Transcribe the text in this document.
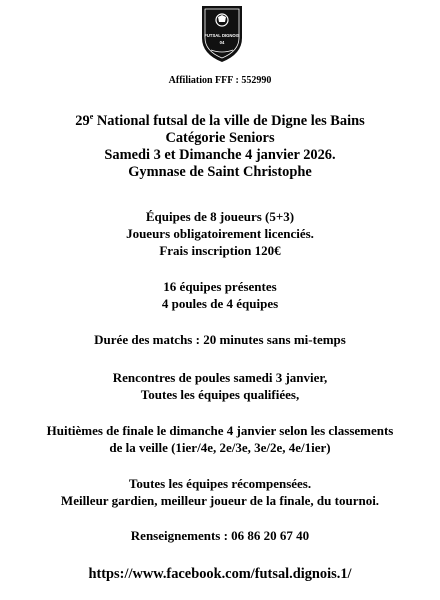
FUTSAL DIGNOIS
04
Affiliation FFF : 552990
29e National futsal de la ville de Digne les Bains
Catégorie Seniors
Samedi 3 et Dimanche 4 janvier 2026.
Gymnase de Saint Christophe
Équipes de 8 joueurs (5+3)
Joueurs obligatoirement licenciés.
Frais inscription 120€
16 équipes présentes
4 poules de 4 équipes
Durée des matchs : 20 minutes sans mi-temps
Rencontres de poules samedi 3 janvier,
Toutes les équipes qualifiées,
Huitièmes de finale le dimanche 4 janvier selon les classements
de la veille (1ier/4e, 2e/3e, 3e/2e, 4e/1ier)
Toutes les équipes récompensées.
Meilleur gardien, meilleur joueur de la finale, du tournoi.
Renseignements : 06 86 20 67 40
https://www.facebook.com/futsal.dignois.1/
